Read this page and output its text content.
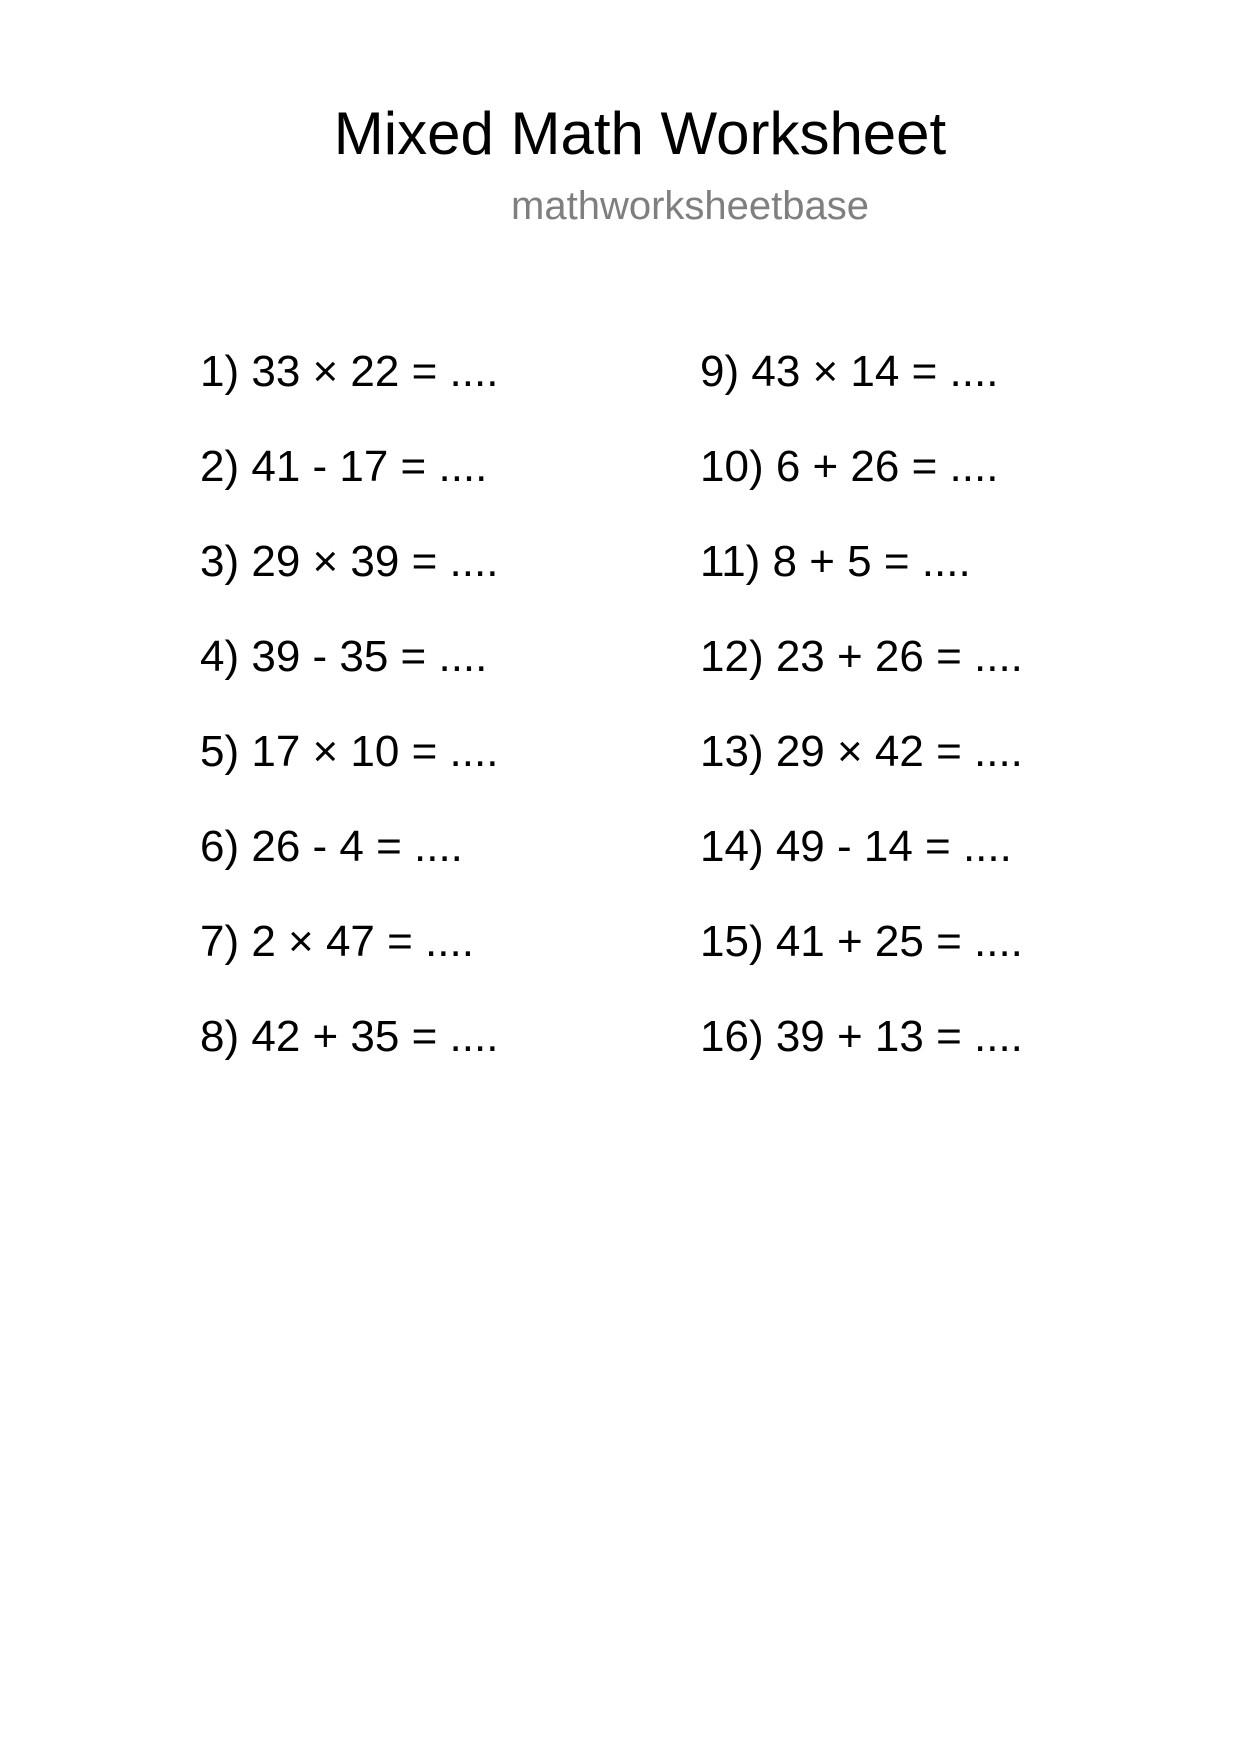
Mixed Math Worksheet
mathworksheetbase
1) 33 × 22 = ....
2) 41 - 17 = ....
3) 29 × 39 = ....
4) 39 - 35 = ....
5) 17 × 10 = ....
6) 26 - 4 = ....
7) 2 × 47 = ....
8) 42 + 35 = ....
9) 43 × 14 = ....
10) 6 + 26 = ....
11) 8 + 5 = ....
12) 23 + 26 = ....
13) 29 × 42 = ....
14) 49 - 14 = ....
15) 41 + 25 = ....
16) 39 + 13 = ....
